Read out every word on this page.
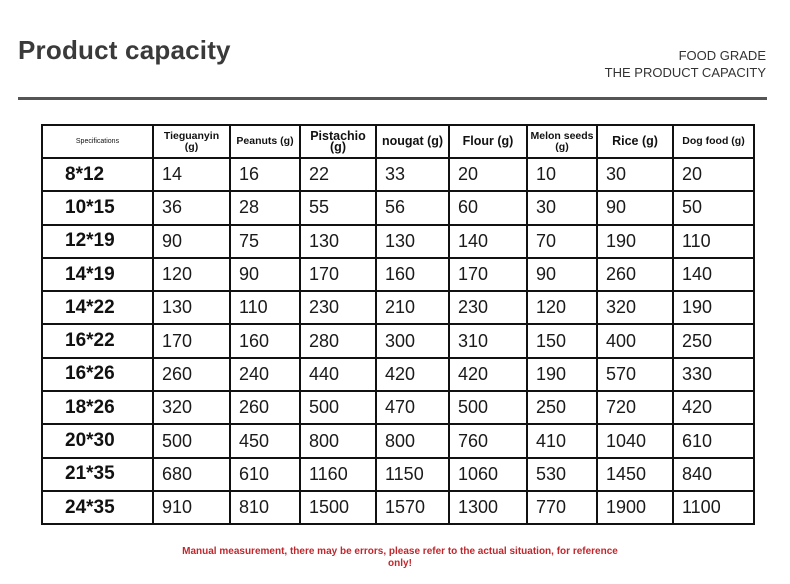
Product capacity	FOOD GRADE
THE PRODUCT CAPACITY
Specifications	Tieguanyin (g)	Peanuts (g)	Pistachio (g)	nougat (g)	Flour (g)	Melon seeds (g)	Rice (g)	Dog food (g)
8*12	14	16	22	33	20	10	30	20
10*15	36	28	55	56	60	30	90	50
12*19	90	75	130	130	140	70	190	110
14*19	120	90	170	160	170	90	260	140
14*22	130	110	230	210	230	120	320	190
16*22	170	160	280	300	310	150	400	250
16*26	260	240	440	420	420	190	570	330
18*26	320	260	500	470	500	250	720	420
20*30	500	450	800	800	760	410	1040	610
21*35	680	610	1160	1150	1060	530	1450	840
24*35	910	810	1500	1570	1300	770	1900	1100
Manual measurement, there may be errors, please refer to the actual situation, for reference only!
